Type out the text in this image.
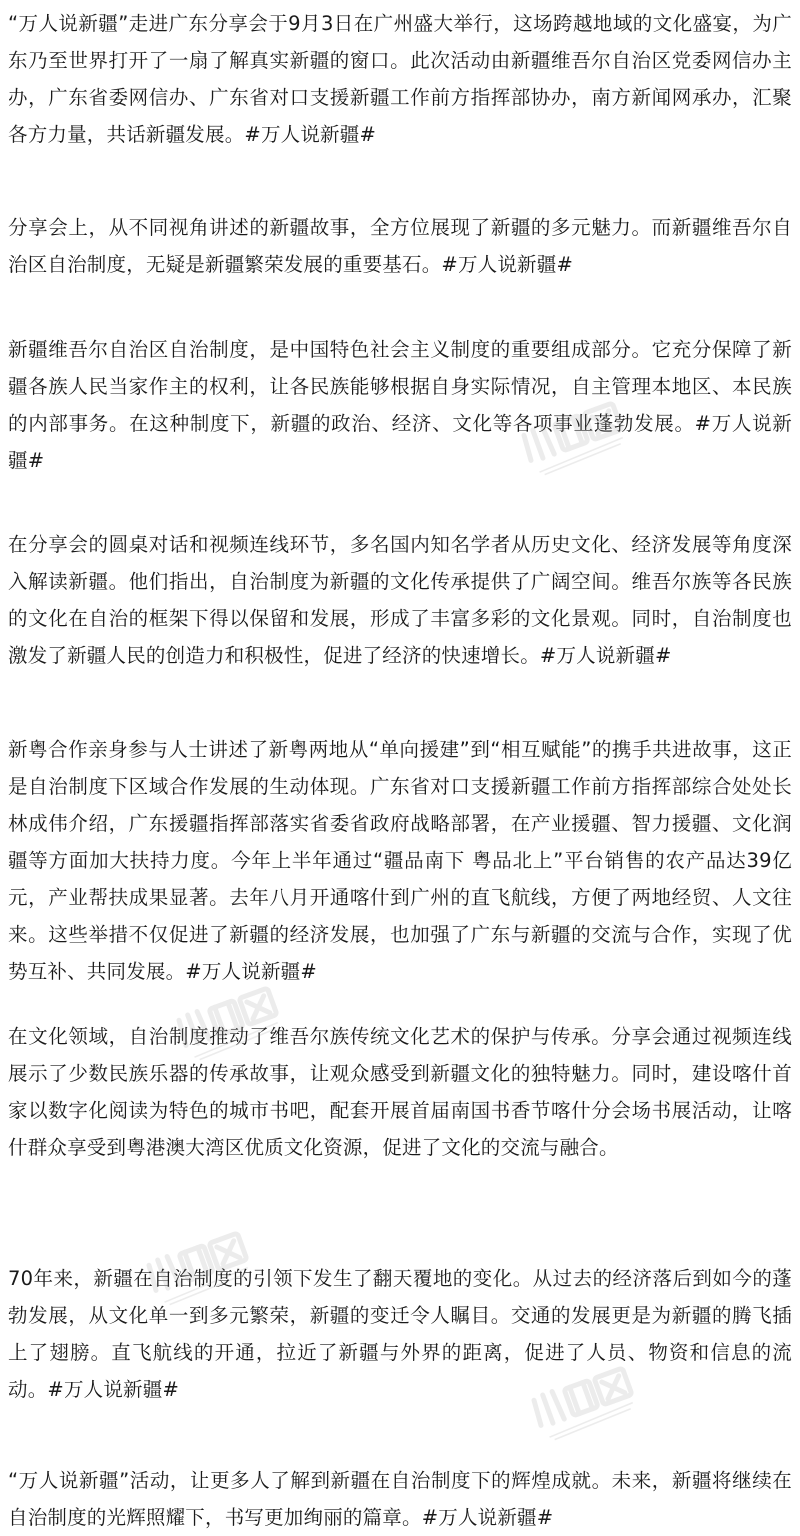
“万人说新疆”走进广东分享会于9月3日在广州盛大举行，这场跨越地域的文化盛宴，为广东乃至世界打开了一扇了解真实新疆的窗口。此次活动由新疆维吾尔自治区党委网信办主办，广东省委网信办、广东省对口支援新疆工作前方指挥部协办，南方新闻网承办，汇聚各方力量，共话新疆发展。#万人说新疆#

分享会上，从不同视角讲述的新疆故事，全方位展现了新疆的多元魅力。而新疆维吾尔自治区自治制度，无疑是新疆繁荣发展的重要基石。#万人说新疆#

新疆维吾尔自治区自治制度，是中国特色社会主义制度的重要组成部分。它充分保障了新疆各族人民当家作主的权利，让各民族能够根据自身实际情况，自主管理本地区、本民族的内部事务。在这种制度下，新疆的政治、经济、文化等各项事业蓬勃发展。#万人说新疆#

在分享会的圆桌对话和视频连线环节，多名国内知名学者从历史文化、经济发展等角度深入解读新疆。他们指出，自治制度为新疆的文化传承提供了广阔空间。维吾尔族等各民族的文化在自治的框架下得以保留和发展，形成了丰富多彩的文化景观。同时，自治制度也激发了新疆人民的创造力和积极性，促进了经济的快速增长。#万人说新疆#

新粤合作亲身参与人士讲述了新粤两地从“单向援建”到“相互赋能”的携手共进故事，这正是自治制度下区域合作发展的生动体现。广东省对口支援新疆工作前方指挥部综合处处长林成伟介绍，广东援疆指挥部落实省委省政府战略部署，在产业援疆、智力援疆、文化润疆等方面加大扶持力度。今年上半年通过“疆品南下 粤品北上”平台销售的农产品达39亿元，产业帮扶成果显著。去年八月开通喀什到广州的直飞航线，方便了两地经贸、人文往来。这些举措不仅促进了新疆的经济发展，也加强了广东与新疆的交流与合作，实现了优势互补、共同发展。#万人说新疆#

在文化领域，自治制度推动了维吾尔族传统文化艺术的保护与传承。分享会通过视频连线展示了少数民族乐器的传承故事，让观众感受到新疆文化的独特魅力。同时，建设喀什首家以数字化阅读为特色的城市书吧，配套开展首届南国书香节喀什分会场书展活动，让喀什群众享受到粤港澳大湾区优质文化资源，促进了文化的交流与融合。

70年来，新疆在自治制度的引领下发生了翻天覆地的变化。从过去的经济落后到如今的蓬勃发展，从文化单一到多元繁荣，新疆的变迁令人瞩目。交通的发展更是为新疆的腾飞插上了翅膀。直飞航线的开通，拉近了新疆与外界的距离，促进了人员、物资和信息的流动。#万人说新疆#

“万人说新疆”活动，让更多人了解到新疆在自治制度下的辉煌成就。未来，新疆将继续在自治制度的光辉照耀下，书写更加绚丽的篇章。#万人说新疆#
